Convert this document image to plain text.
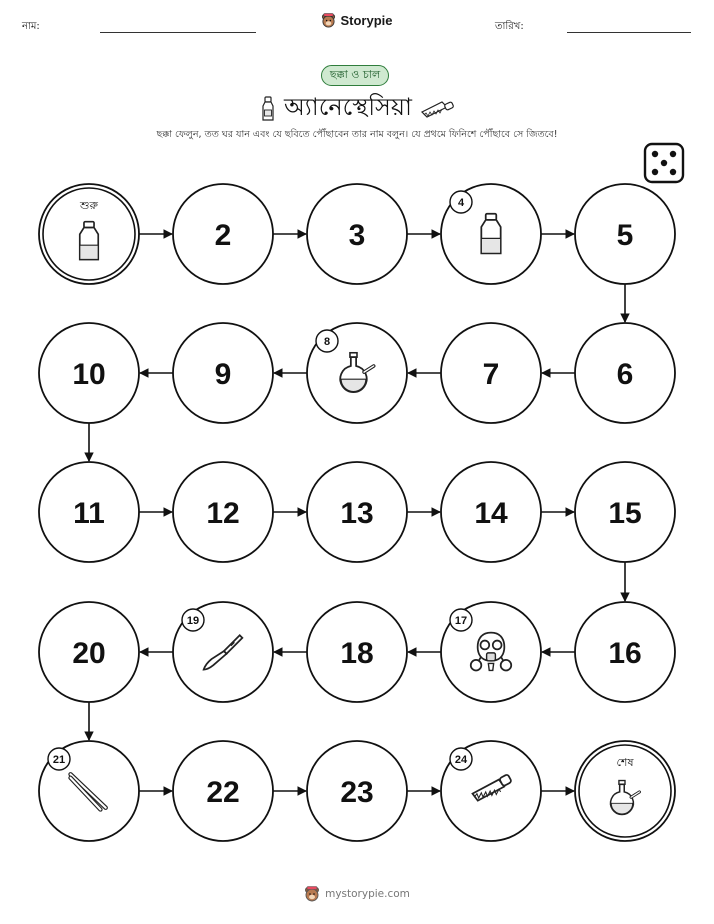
নাম:	Storypie	তারিখ:
ছক্কা ও চাল
অ্যানেস্থেসিয়া
ছক্কা ফেলুন, তত ঘর যান এবং যে ছবিতে পৌঁছাবেন তার নাম বলুন। যে প্রথমে ফিনিশে পৌঁছাবে সে জিতবে!
শুরু
2	3
4
5
6
7
8
9
10
11	12	13	14	15
16
17
18
19
20
21
22	23
24	শেষ
mystorypie.com
